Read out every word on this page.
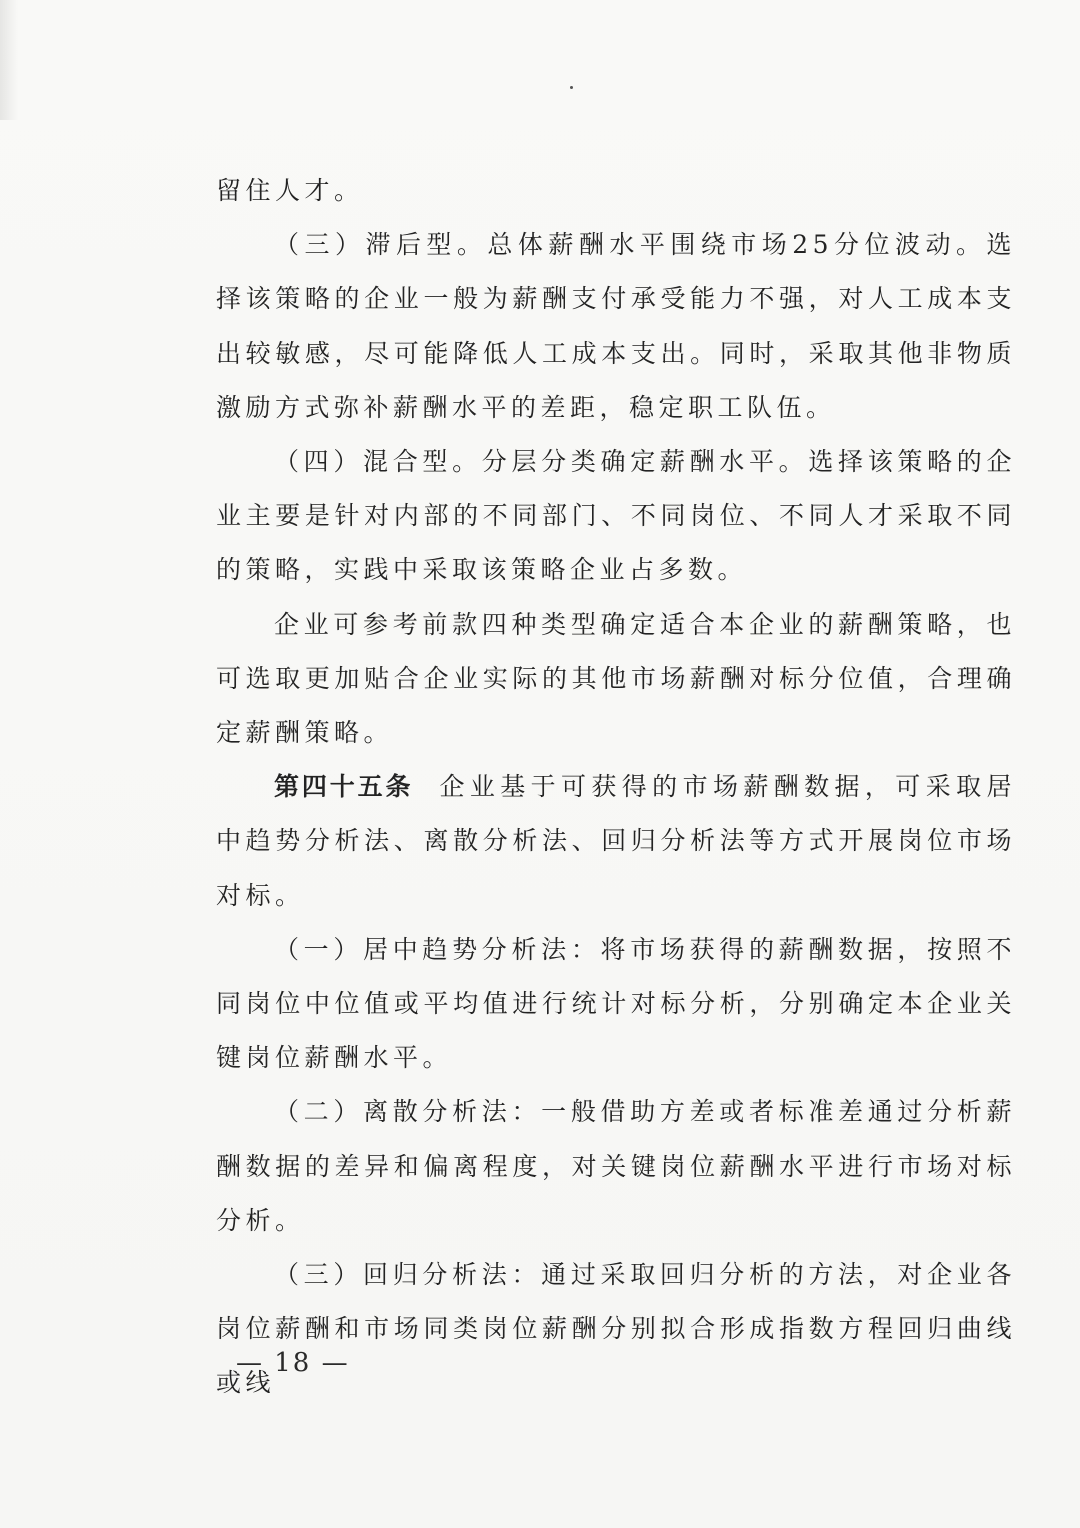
留住人才。

（三）滞后型。总体薪酬水平围绕市场25分位波动。选择该策略的企业一般为薪酬支付承受能力不强，对人工成本支出较敏感，尽可能降低人工成本支出。同时，采取其他非物质激励方式弥补薪酬水平的差距，稳定职工队伍。

（四）混合型。分层分类确定薪酬水平。选择该策略的企业主要是针对内部的不同部门、不同岗位、不同人才采取不同的策略，实践中采取该策略企业占多数。

企业可参考前款四种类型确定适合本企业的薪酬策略，也可选取更加贴合企业实际的其他市场薪酬对标分位值，合理确定薪酬策略。

第四十五条 企业基于可获得的市场薪酬数据，可采取居中趋势分析法、离散分析法、回归分析法等方式开展岗位市场对标。

（一）居中趋势分析法：将市场获得的薪酬数据，按照不同岗位中位值或平均值进行统计对标分析，分别确定本企业关键岗位薪酬水平。

（二）离散分析法：一般借助方差或者标准差通过分析薪酬数据的差异和偏离程度，对关键岗位薪酬水平进行市场对标分析。

（三）回归分析法：通过采取回归分析的方法，对企业各岗位薪酬和市场同类岗位薪酬分别拟合形成指数方程回归曲线或线

— 18 —
